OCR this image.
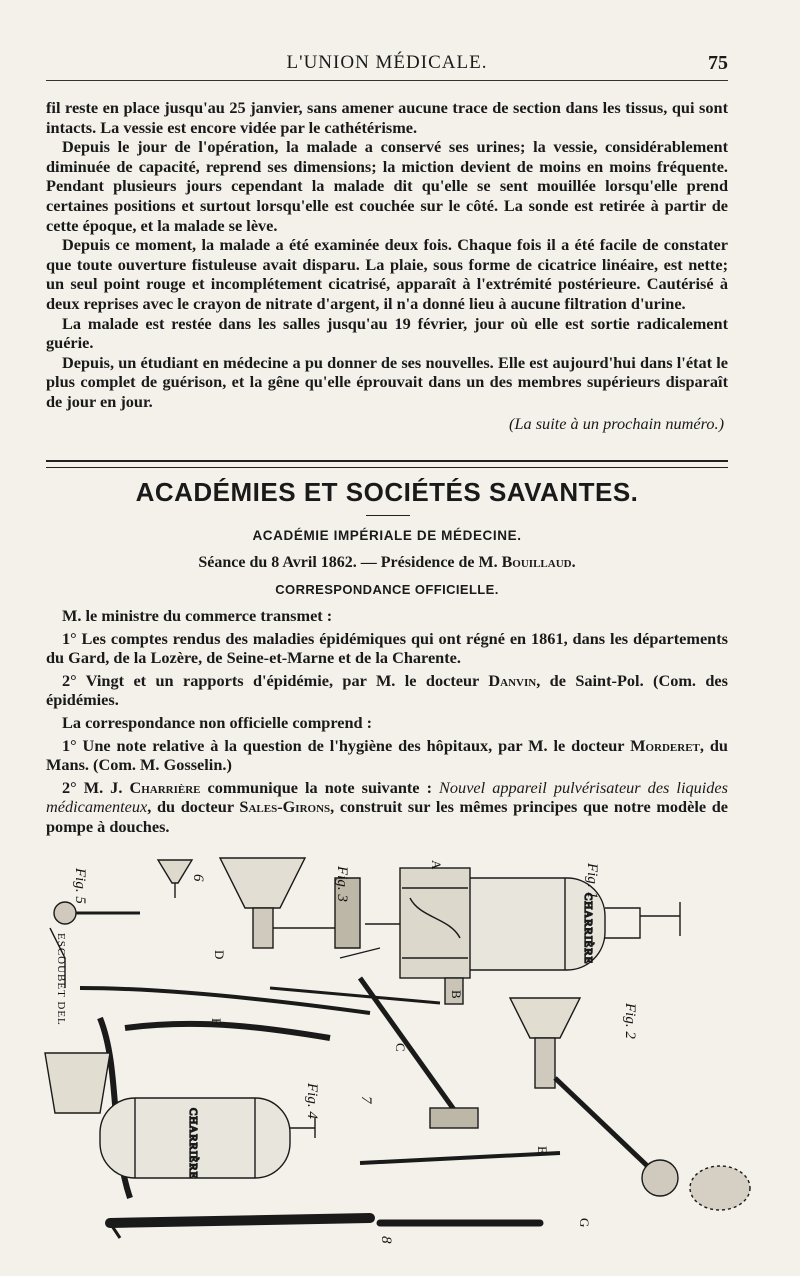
L'UNION MÉDICALE.	75

fil reste en place jusqu'au 25 janvier, sans amener aucune trace de section dans les tissus, qui sont intacts. La vessie est encore vidée par le cathétérisme.

Depuis le jour de l'opération, la malade a conservé ses urines; la vessie, considérablement diminuée de capacité, reprend ses dimensions; la miction devient de moins en moins fréquente. Pendant plusieurs jours cependant la malade dit qu'elle se sent mouillée lorsqu'elle prend certaines positions et surtout lorsqu'elle est couchée sur le côté. La sonde est retirée à partir de cette époque, et la malade se lève.

Depuis ce moment, la malade a été examinée deux fois. Chaque fois il a été facile de constater que toute ouverture fistuleuse avait disparu. La plaie, sous forme de cicatrice linéaire, est nette; un seul point rouge et incomplétement cicatrisé, apparaît à l'extrémité postérieure. Cautérisé à deux reprises avec le crayon de nitrate d'argent, il n'a donné lieu à aucune filtration d'urine.

La malade est restée dans les salles jusqu'au 19 février, jour où elle est sortie radicalement guérie.

Depuis, un étudiant en médecine a pu donner de ses nouvelles. Elle est aujourd'hui dans l'état le plus complet de guérison, et la gêne qu'elle éprouvait dans un des membres supérieurs disparaît de jour en jour.

(La suite à un prochain numéro.)
ACADÉMIES ET SOCIÉTÉS SAVANTES.
ACADÉMIE IMPÉRIALE DE MÉDECINE.
Séance du 8 Avril 1862. — Présidence de M. Bouillaud.
CORRESPONDANCE OFFICIELLE.

M. le ministre du commerce transmet :

1° Les comptes rendus des maladies épidémiques qui ont régné en 1861, dans les départements du Gard, de la Lozère, de Seine-et-Marne et de la Charente.

2° Vingt et un rapports d'épidémie, par M. le docteur Danvin, de Saint-Pol. (Com. des épidémies.

La correspondance non officielle comprend :

1° Une note relative à la question de l'hygiène des hôpitaux, par M. le docteur Morderet, du Mans. (Com. M. Gosselin.)

2° M. J. Charrière communique la note suivante : Nouvel appareil pulvérisateur des liquides médicamenteux, du docteur Sales-Girons, construit sur les mêmes principes que notre modèle de pompe à douches.

CHARRIÈRE
CHARRIÈRE
Fig. 1
Fig. 2
Fig. 3
Fig. 4
Fig. 5	6
7
8
A
B
C
D
E
F
G
ESCOUBET DEL
